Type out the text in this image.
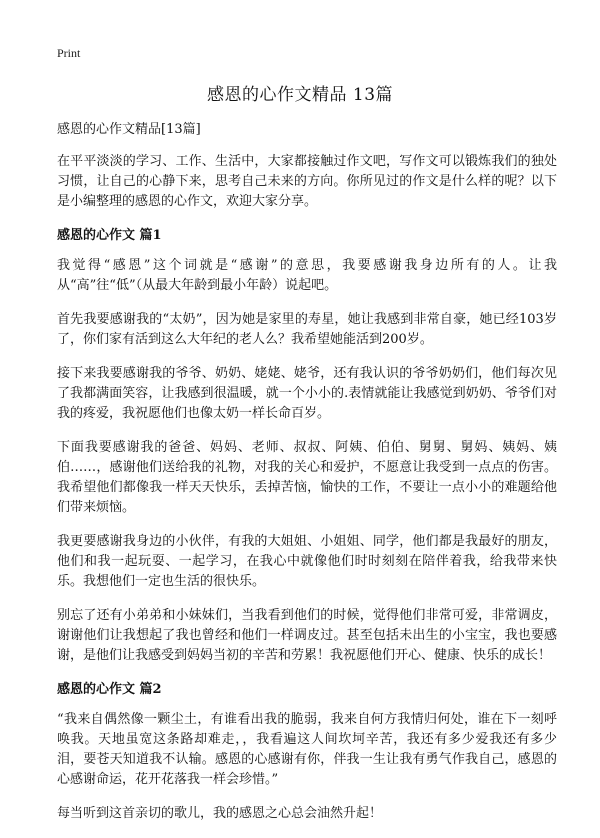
Print
感恩的心作文精品 13篇

感恩的心作文精品[13篇]

在平平淡淡的学习、工作、生活中，大家都接触过作文吧，写作文可以锻炼我们的独处习惯，让自己的心静下来，思考自己未来的方向。你所见过的作文是什么样的呢？以下是小编整理的感恩的心作文，欢迎大家分享。

感恩的心作文 篇1

我觉得“感恩”这个词就是“感谢”的意思，我要感谢我身边所有的人。让我从“高”往“低”（从最大年龄到最小年龄）说起吧。

首先我要感谢我的“太奶”，因为她是家里的寿星，她让我感到非常自豪，她已经103岁了，你们家有活到这么大年纪的老人么？我希望她能活到200岁。

接下来我要感谢我的爷爷、奶奶、姥姥、姥爷，还有我认识的爷爷奶奶们，他们每次见了我都满面笑容，让我感到很温暖，就一个小小的.表情就能让我感觉到奶奶、爷爷们对我的疼爱，我祝愿他们也像太奶一样长命百岁。

下面我要感谢我的爸爸、妈妈、老师、叔叔、阿姨、伯伯、舅舅、舅妈、姨妈、姨伯……，感谢他们送给我的礼物，对我的关心和爱护，不愿意让我受到一点点的伤害。我希望他们都像我一样天天快乐，丢掉苦恼，愉快的工作，不要让一点小小的难题给他们带来烦恼。

我更要感谢我身边的小伙伴，有我的大姐姐、小姐姐、同学，他们都是我最好的朋友，他们和我一起玩耍、一起学习，在我心中就像他们时时刻刻在陪伴着我，给我带来快乐。我想他们一定也生活的很快乐。

别忘了还有小弟弟和小妹妹们，当我看到他们的时候，觉得他们非常可爱，非常调皮，谢谢他们让我想起了我也曾经和他们一样调皮过。甚至包括未出生的小宝宝，我也要感谢，是他们让我感受到妈妈当初的辛苦和劳累！我祝愿他们开心、健康、快乐的成长！

感恩的心作文 篇2

“我来自偶然像一颗尘土，有谁看出我的脆弱，我来自何方我情归何处，谁在下一刻呼唤我。天地虽宽这条路却难走，，我看遍这人间坎坷辛苦，我还有多少爱我还有多少泪，要苍天知道我不认输。感恩的心感谢有你，伴我一生让我有勇气作我自己，感恩的心感谢命运，花开花落我一样会珍惜。”

每当听到这首亲切的歌儿，我的感恩之心总会油然升起！
